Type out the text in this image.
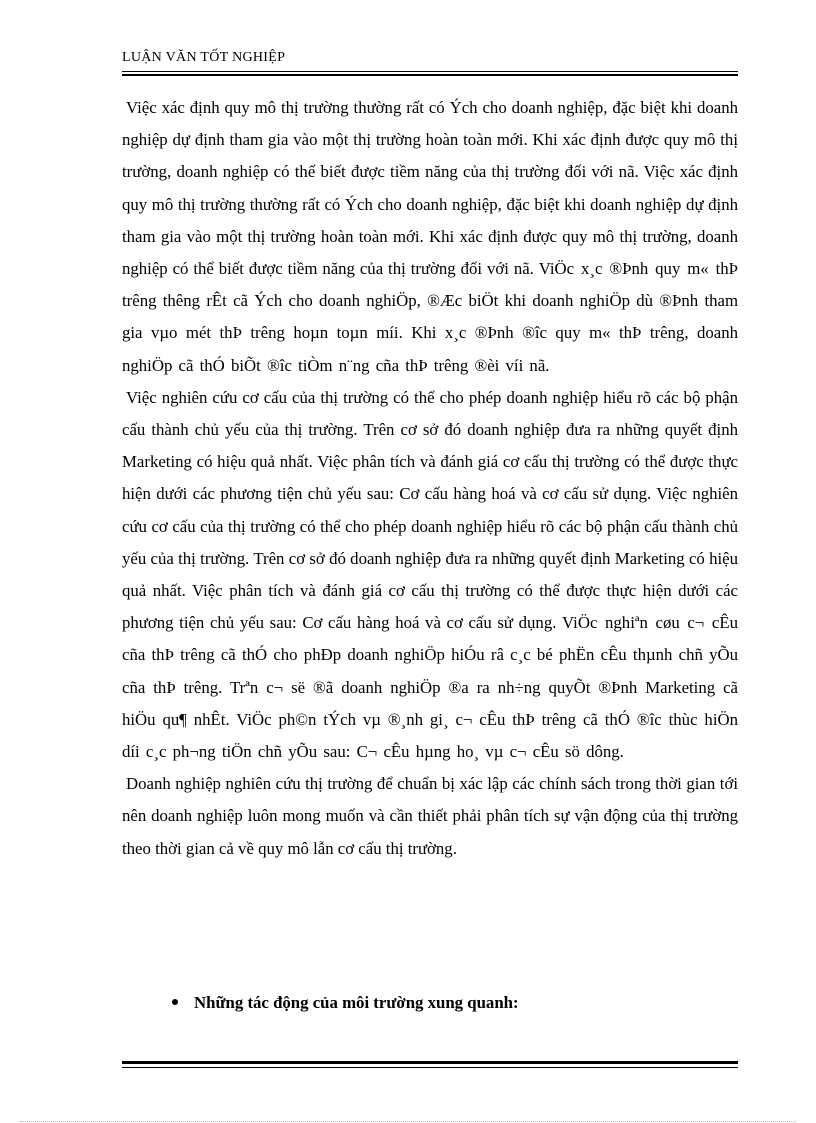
LUẬN VĂN TỐT NGHIỆP

Việc xác định quy mô thị trường thường rất có Ých cho doanh nghiệp, đặc biệt khi doanh nghiệp dự định tham gia vào một thị trường hoàn toàn mới. Khi xác định được quy mô thị trường, doanh nghiệp có thể biết được tiềm năng của thị trường đối với nã. Việc xác định quy mô thị trường thường rất có Ých cho doanh nghiệp, đặc biệt khi doanh nghiệp dự định tham gia vào một thị trường hoàn toàn mới. Khi xác định được quy mô thị trường, doanh nghiệp có thể biết được tiềm năng của thị trường đối với nã. ViÖc x¸c ®Þnh quy m« thÞ trêng thêng rÊt cã Ých cho doanh nghiÖp, ®Æc biÖt khi doanh nghiÖp dù ®Þnh tham gia vµo mét thÞ trêng hoµn toµn míi. Khi x¸c ®Þnh ®îc quy m« thÞ trêng, doanh nghiÖp cã thÓ biÕt ®îc tiÒm n¨ng cña thÞ trêng ®èi víi nã.

Việc nghiên cứu cơ cấu của thị trường có thể cho phép doanh nghiệp hiểu rõ các bộ phận cấu thành chủ yếu của thị trường. Trên cơ sở đó doanh nghiệp đưa ra những quyết định Marketing có hiệu quả nhất. Việc phân tích và đánh giá cơ cấu thị trường có thể được thực hiện dưới các phương tiện chủ yếu sau: Cơ cấu hàng hoá và cơ cấu sử dụng. Việc nghiên cứu cơ cấu của thị trường có thể cho phép doanh nghiệp hiểu rõ các bộ phận cấu thành chủ yếu của thị trường. Trên cơ sở đó doanh nghiệp đưa ra những quyết định Marketing có hiệu quả nhất. Việc phân tích và đánh giá cơ cấu thị trường có thể được thực hiện dưới các phương tiện chủ yếu sau: Cơ cấu hàng hoá và cơ cấu sử dụng. ViÖc nghiªn cøu c¬ cÊu cña thÞ trêng cã thÓ cho phÐp doanh nghiÖp hiÓu râ c¸c bé phËn cÊu thµnh chñ yÕu cña thÞ trêng. Trªn c¬ së ®ã doanh nghiÖp ®a ra nh÷ng quyÕt ®Þnh Marketing cã hiÖu qu¶ nhÊt. ViÖc ph©n tÝch vµ ®¸nh gi¸ c¬ cÊu thÞ trêng cã thÓ ®îc thùc hiÖn díi c¸c ph¬ng tiÖn chñ yÕu sau: C¬ cÊu hµng ho¸ vµ c¬ cÊu sö dông.

Doanh nghiệp nghiên cứu thị trường để chuẩn bị xác lập các chính sách trong thời gian tới nên doanh nghiệp luôn mong muốn và cần thiết phải phân tích sự vận động của thị trường theo thời gian cả về quy mô lẫn cơ cấu thị trường.

Những tác động của môi trường xung quanh:
